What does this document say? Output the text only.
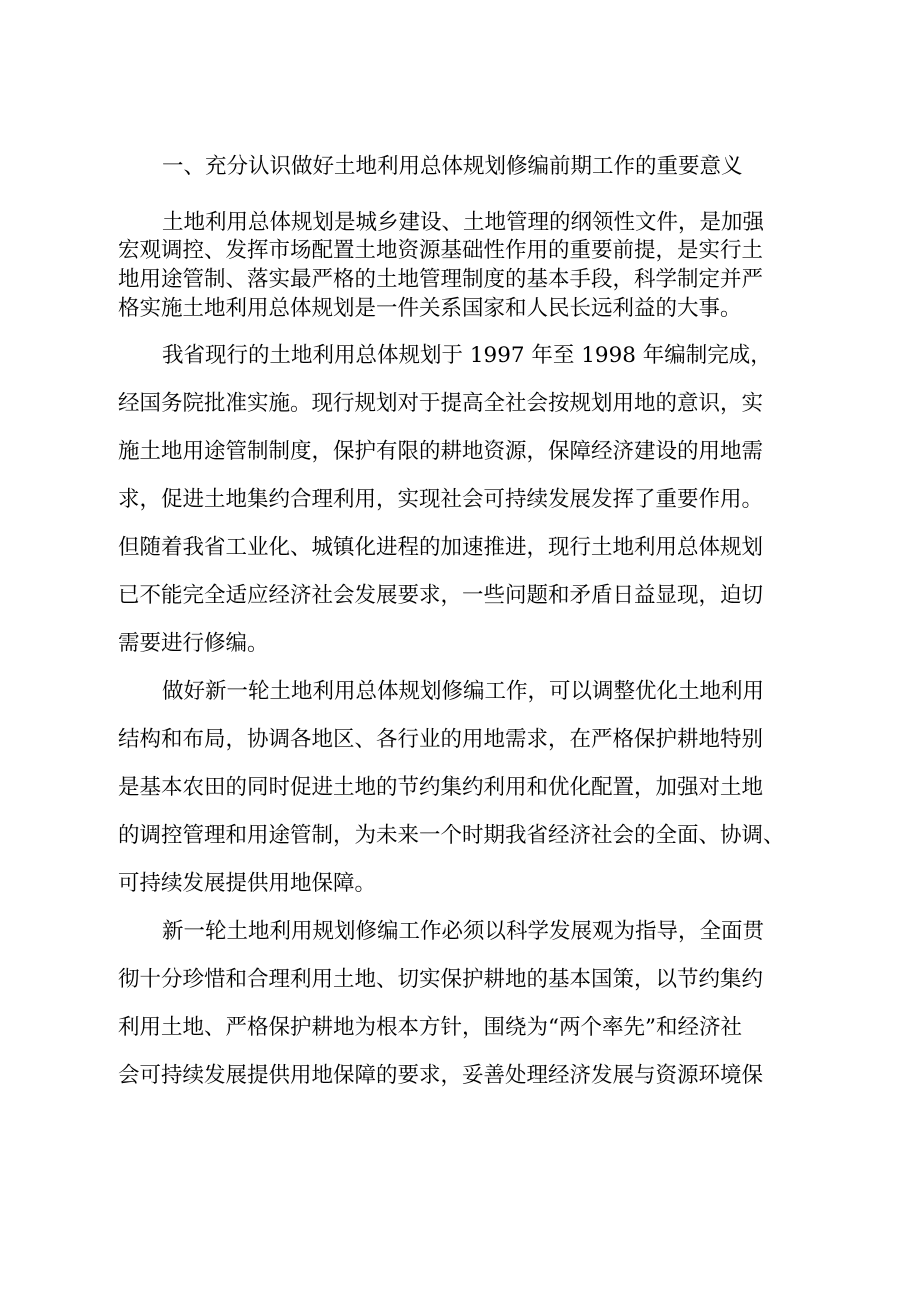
一、充分认识做好土地利用总体规划修编前期工作的重要意义
土地利用总体规划是城乡建设、土地管理的纲领性文件，是加强
宏观调控、发挥市场配置土地资源基础性作用的重要前提，是实行土
地用途管制、落实最严格的土地管理制度的基本手段，科学制定并严
格实施土地利用总体规划是一件关系国家和人民长远利益的大事。
我省现行的土地利用总体规划于 1997 年至 1998 年编制完成，
经国务院批准实施。现行规划对于提高全社会按规划用地的意识，实
施土地用途管制制度，保护有限的耕地资源，保障经济建设的用地需
求，促进土地集约合理利用，实现社会可持续发展发挥了重要作用。
但随着我省工业化、城镇化进程的加速推进，现行土地利用总体规划
已不能完全适应经济社会发展要求，一些问题和矛盾日益显现，迫切
需要进行修编。
做好新一轮土地利用总体规划修编工作，可以调整优化土地利用
结构和布局，协调各地区、各行业的用地需求，在严格保护耕地特别
是基本农田的同时促进土地的节约集约利用和优化配置，加强对土地
的调控管理和用途管制，为未来一个时期我省经济社会的全面、协调、
可持续发展提供用地保障。
新一轮土地利用规划修编工作必须以科学发展观为指导，全面贯
彻十分珍惜和合理利用土地、切实保护耕地的基本国策，以节约集约
利用土地、严格保护耕地为根本方针，围绕为“两个率先”和经济社
会可持续发展提供用地保障的要求，妥善处理经济发展与资源环境保
